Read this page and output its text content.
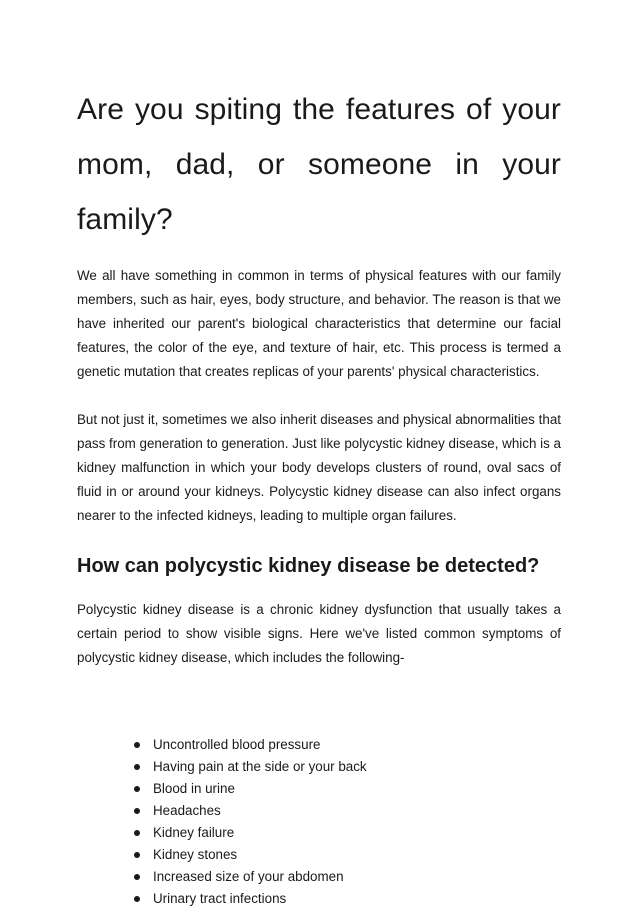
Are you spiting the features of your mom, dad, or someone in your family?

We all have something in common in terms of physical features with our family members, such as hair, eyes, body structure, and behavior. The reason is that we have inherited our parent's biological characteristics that determine our facial features, the color of the eye, and texture of hair, etc. This process is termed a genetic mutation that creates replicas of your parents' physical characteristics.

But not just it, sometimes we also inherit diseases and physical abnormalities that pass from generation to generation. Just like polycystic kidney disease, which is a kidney malfunction in which your body develops clusters of round, oval sacs of fluid in or around your kidneys. Polycystic kidney disease can also infect organs nearer to the infected kidneys, leading to multiple organ failures.

How can polycystic kidney disease be detected?

Polycystic kidney disease is a chronic kidney dysfunction that usually takes a certain period to show visible signs. Here we've listed common symptoms of polycystic kidney disease, which includes the following-

Uncontrolled blood pressure
Having pain at the side or your back
Blood in urine
Headaches
Kidney failure
Kidney stones
Increased size of your abdomen
Urinary tract infections
